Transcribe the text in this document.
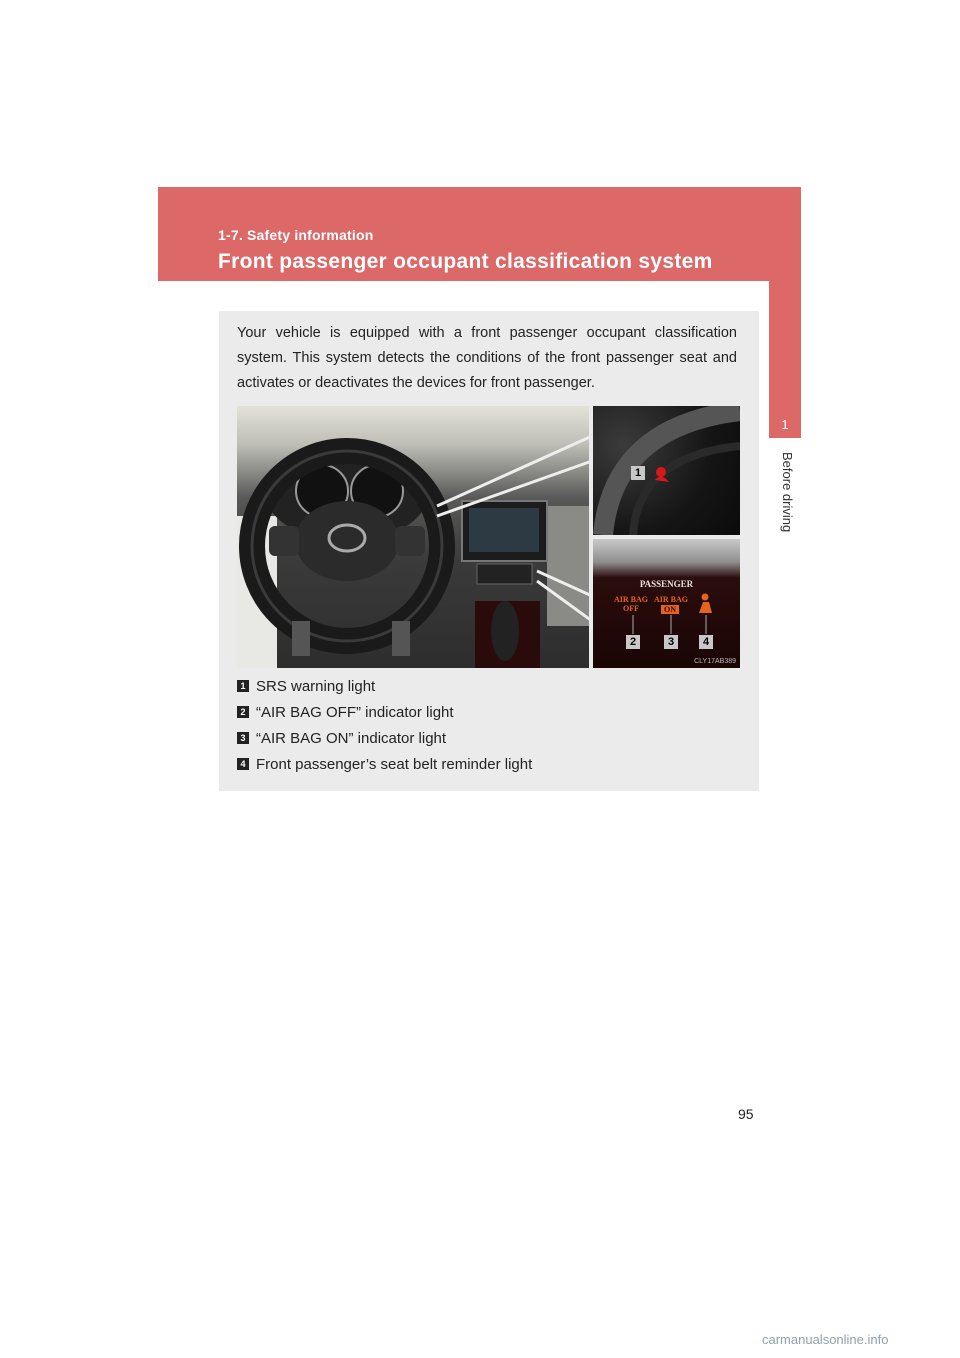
1-7. Safety information
Front passenger occupant classification system
1
Before driving

Your vehicle is equipped with a front passenger occupant classification system. This system detects the conditions of the front passenger seat and activates or deactivates the devices for front passenger.

1
PASSENGER
AIR BAG OFF
AIR BAG
ON
2	3	4
CLY17AB389
1 SRS warning light
2 “AIR BAG OFF” indicator light
3 “AIR BAG ON” indicator light
4 Front passenger’s seat belt reminder light
95
carmanualsonline.info
